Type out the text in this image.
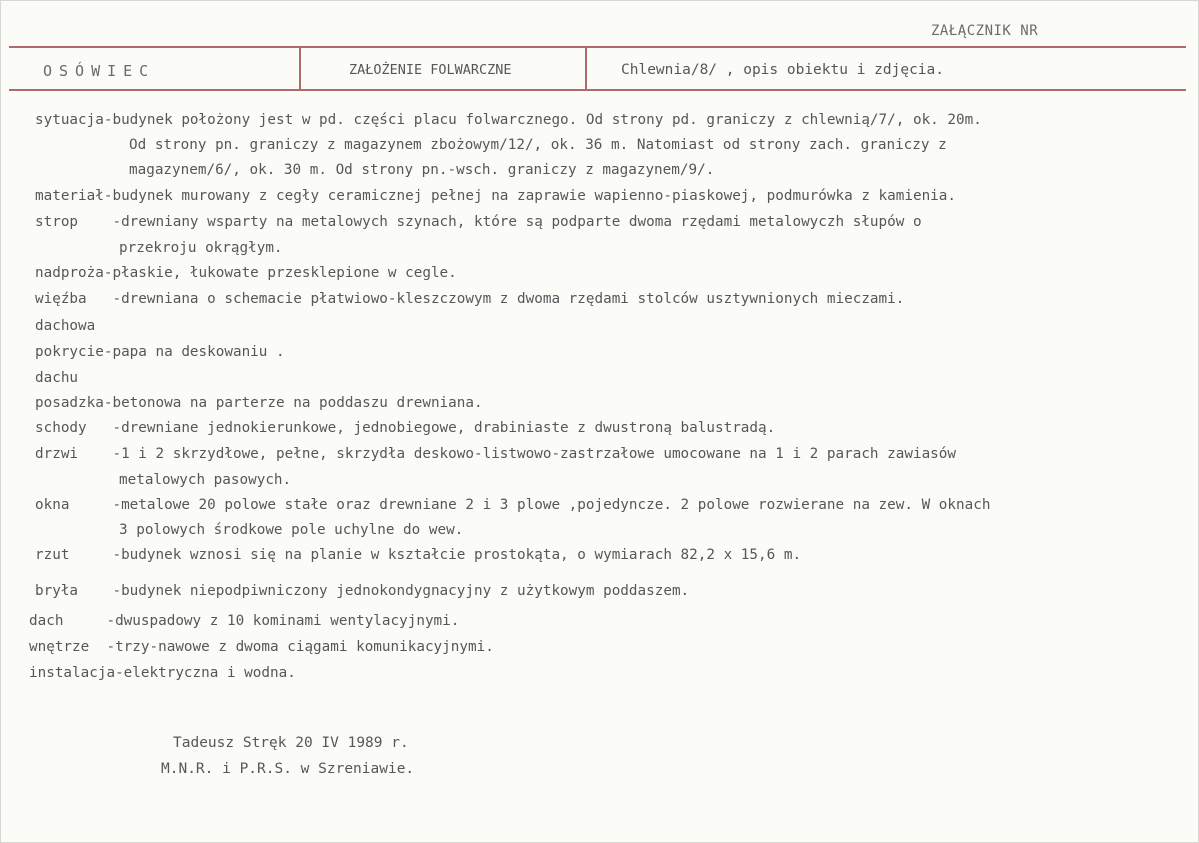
ZAŁĄCZNIK NR
OSÓWIEC	ZAŁOŻENIE FOLWARCZNE	Chlewnia/8/ , opis obiektu i zdjęcia.
sytuacja-budynek położony jest w pd. części placu folwarcznego. Od strony pd. graniczy z chlewnią/7/, ok. 20m.
Od strony pn. graniczy z magazynem zbożowym/12/, ok. 36 m. Natomiast od strony zach. graniczy z
magazynem/6/, ok. 30 m. Od strony pn.-wsch. graniczy z magazynem/9/.
materiał-budynek murowany z cegły ceramicznej pełnej na zaprawie wapienno-piaskowej, podmurówka z kamienia.
strop    -drewniany wsparty na metalowych szynach, które są podparte dwoma rzędami metalowyczh słupów o
przekroju okrągłym.
nadproża-płaskie, łukowate przesklepione w cegle.
więźba   -drewniana o schemacie płatwiowo-kleszczowym z dwoma rzędami stolców usztywnionych mieczami.
dachowa
pokrycie-papa na deskowaniu .
dachu
posadzka-betonowa na parterze na poddaszu drewniana.
schody   -drewniane jednokierunkowe, jednobiegowe, drabiniaste z dwustroną balustradą.
drzwi    -1 i 2 skrzydłowe, pełne, skrzydła deskowo-listwowo-zastrzałowe umocowane na 1 i 2 parach zawiasów
metalowych pasowych.
okna     -metalowe 20 polowe stałe oraz drewniane 2 i 3 plowe ,pojedyncze. 2 polowe rozwierane na zew. W oknach
3 polowych środkowe pole uchylne do wew.
rzut     -budynek wznosi się na planie w kształcie prostokąta, o wymiarach 82,2 x 15,6 m.
bryła    -budynek niepodpiwniczony jednokondygnacyjny z użytkowym poddaszem.
dach     -dwuspadowy z 10 kominami wentylacyjnymi.
wnętrze  -trzy-nawowe z dwoma ciągami komunikacyjnymi.
instalacja-elektryczna i wodna.
Tadeusz Stręk 20 IV 1989 r.
M.N.R. i P.R.S. w Szreniawie.
